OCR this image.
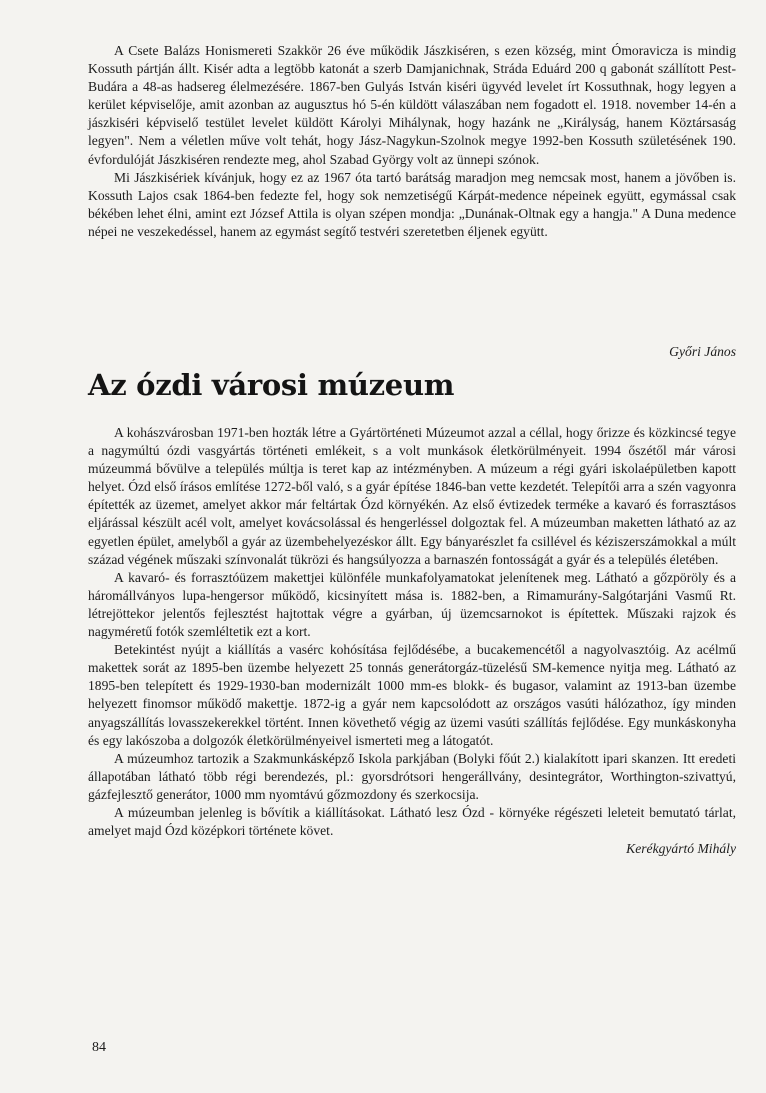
A Csete Balázs Honismereti Szakkör 26 éve működik Jászkiséren, s ezen község, mint Ómoravicza is mindig Kossuth pártján állt. Kisér adta a legtöbb katonát a szerb Damjanichnak, Stráda Eduárd 200 q gabonát szállított Pest-Budára a 48-as hadsereg élelmezésére. 1867-ben Gulyás István kiséri ügyvéd levelet írt Kossuthnak, hogy legyen a kerület képviselője, amit azonban az augusztus hó 5-én küldött válaszában nem fogadott el. 1918. november 14-én a jászkiséri képviselő testület levelet küldött Károlyi Mihálynak, hogy hazánk ne „Királyság, hanem Köztársaság legyen". Nem a véletlen műve volt tehát, hogy Jász-Nagykun-Szolnok megye 1992-ben Kossuth születésének 190. évfordulóját Jászkiséren rendezte meg, ahol Szabad György volt az ünnepi szónok.

Mi Jászkisériek kívánjuk, hogy ez az 1967 óta tartó barátság maradjon meg nemcsak most, hanem a jövőben is. Kossuth Lajos csak 1864-ben fedezte fel, hogy sok nemzetiségű Kárpát-medence népeinek együtt, egymással csak békében lehet élni, amint ezt József Attila is olyan szépen mondja: „Dunának-Oltnak egy a hangja." A Duna medence népei ne veszekedéssel, hanem az egymást segítő testvéri szeretetben éljenek együtt.

Győri János

Az ózdi városi múzeum

A kohászvárosban 1971-ben hozták létre a Gyártörténeti Múzeumot azzal a céllal, hogy őrizze és közkincsé tegye a nagymúltú ózdi vasgyártás történeti emlékeit, s a volt munkások életkörülményeit. 1994 őszétől már városi múzeummá bővülve a település múltja is teret kap az intézményben. A múzeum a régi gyári iskolaépületben kapott helyet. Ózd első írásos említése 1272-ből való, s a gyár építése 1846-ban vette kezdetét. Telepítői arra a szén vagyonra építették az üzemet, amelyet akkor már feltártak Ózd környékén. Az első évtizedek terméke a kavaró és forrasztásos eljárással készült acél volt, amelyet kovácsolással és hengerléssel dolgoztak fel. A múzeumban maketten látható az az egyetlen épület, amelyből a gyár az üzembehelyezéskor állt. Egy bányarészlet fa csillével és kéziszerszámokkal a múlt század végének műszaki színvonalát tükrözi és hangsúlyozza a barnaszén fontosságát a gyár és a település életében.

A kavaró- és forrasztóüzem makettjei különféle munkafolyamatokat jelenítenek meg. Látható a gőzpöröly és a háromállványos lupa-hengersor működő, kicsinyített mása is. 1882-ben, a Rimamurány-Salgótarjáni Vasmű Rt. létrejöttekor jelentős fejlesztést hajtottak végre a gyárban, új üzemcsarnokot is építettek. Műszaki rajzok és nagyméretű fotók szemléltetik ezt a kort.

Betekintést nyújt a kiállítás a vasérc kohósítása fejlődésébe, a bucakemencétől a nagyolvasztóig. Az acélmű makettek sorát az 1895-ben üzembe helyezett 25 tonnás generátorgáz-tüzelésű SM-kemence nyitja meg. Látható az 1895-ben telepített és 1929-1930-ban modernizált 1000 mm-es blokk- és bugasor, valamint az 1913-ban üzembe helyezett finomsor működő makettje. 1872-ig a gyár nem kapcsolódott az országos vasúti hálózathoz, így minden anyagszállítás lovasszekerekkel történt. Innen követhető végig az üzemi vasúti szállítás fejlődése. Egy munkáskonyha és egy lakószoba a dolgozók életkörülményeivel ismerteti meg a látogatót.

A múzeumhoz tartozik a Szakmunkásképző Iskola parkjában (Bolyki főút 2.) kialakított ipari skanzen. Itt eredeti állapotában látható több régi berendezés, pl.: gyorsdrótsori hengerállvány, desintegrátor, Worthington-szivattyú, gázfejlesztő generátor, 1000 mm nyomtávú gőzmozdony és szerkocsija.

A múzeumban jelenleg is bővítik a kiállításokat. Látható lesz Ózd - környéke régészeti leleteit bemutató tárlat, amelyet majd Ózd középkori története követ.

Kerékgyártó Mihály

84
